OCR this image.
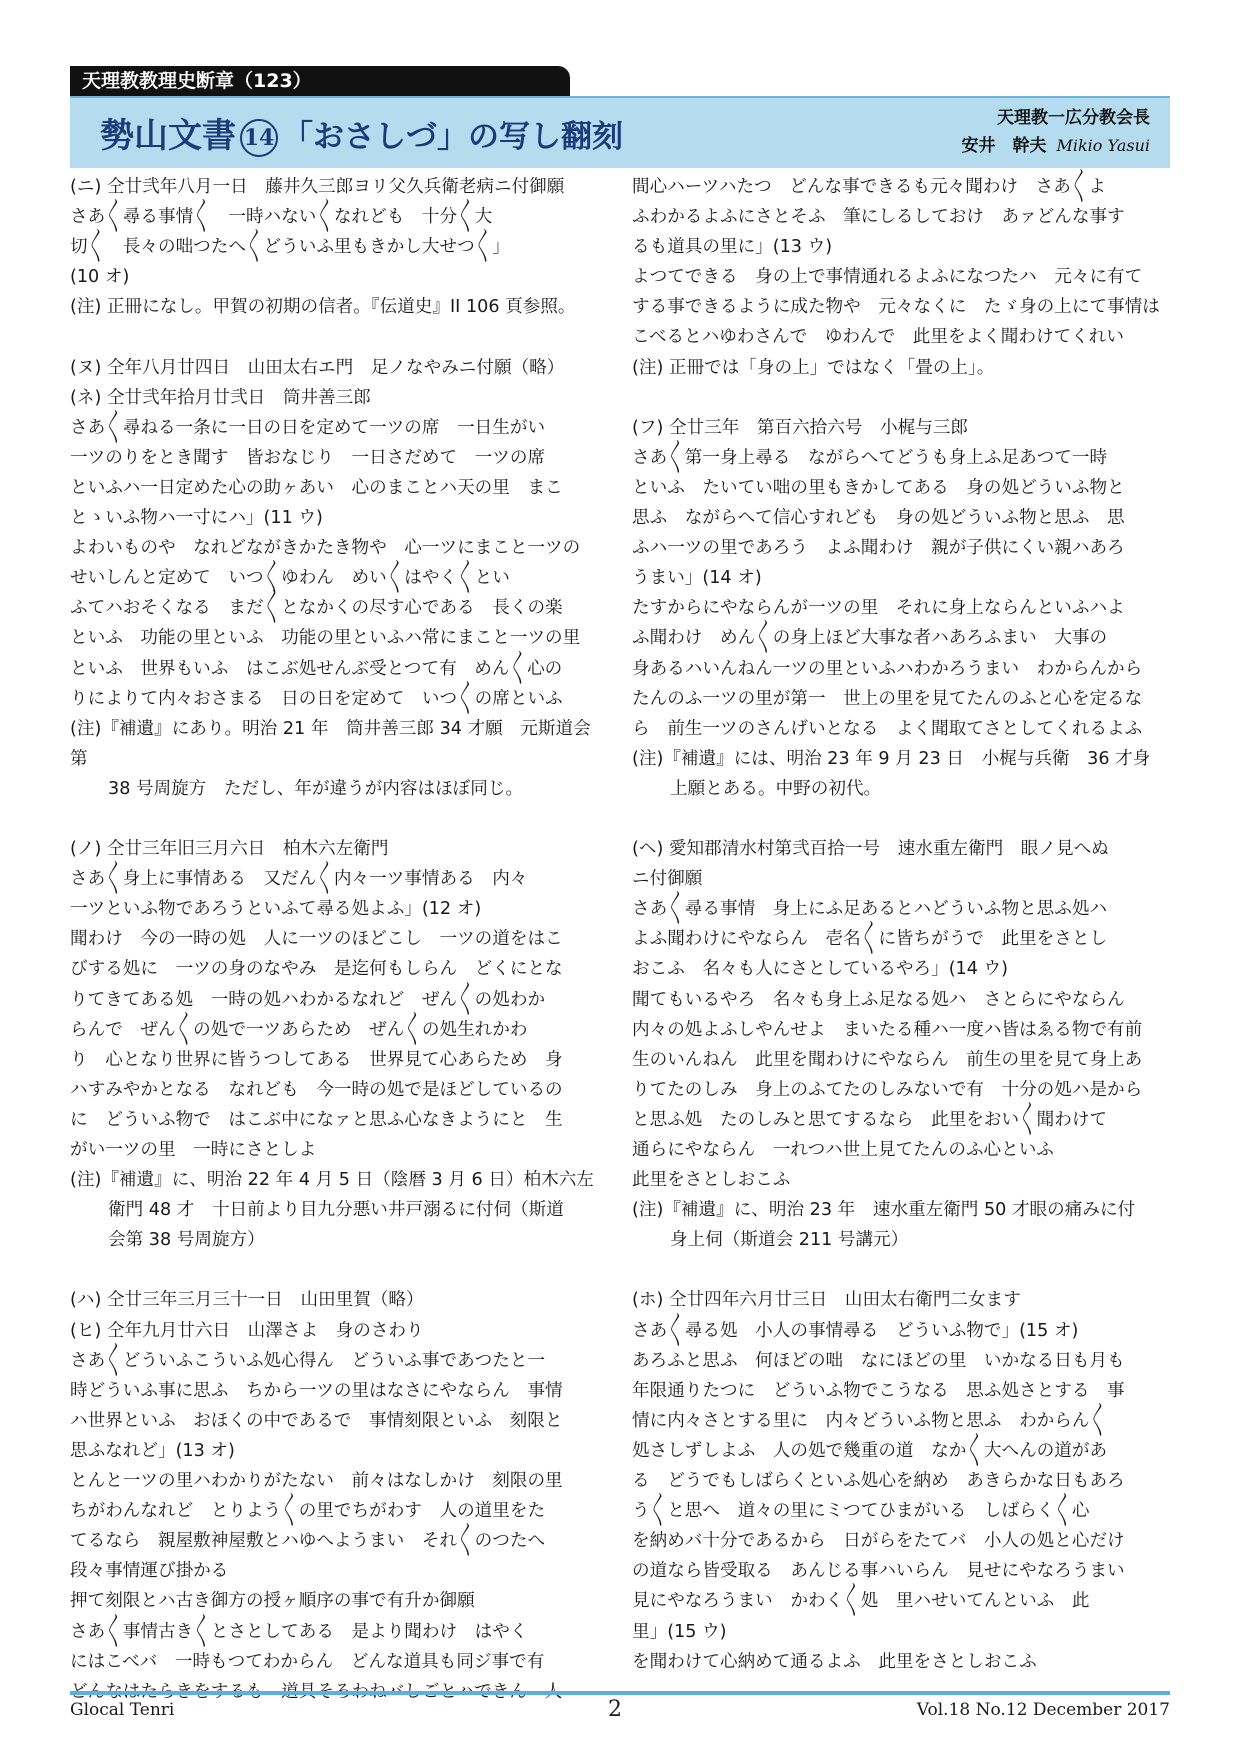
天理教教理史断章（123）
勢山文書 14 「おさしづ」の写し翻刻
天理教一広分教会長
安井　幹夫 Mikio Yasui

(ニ) 仝廿弐年八月一日　藤井久三郎ヨリ父久兵衛老病ニ付御願

さあ〳〵尋る事情〳〵　一時ハない〳〵なれども　十分〳〵大

切〳〵　長々の咄つたへ〳〵どういふ里もきかし大せつ〳〵」

(10 オ)

(注) 正冊になし。甲賀の初期の信者。『伝道史』II 106 頁参照。

(ヌ) 仝年八月廿四日　山田太右エ門　足ノなやみニ付願（略）

(ネ) 仝廿弐年拾月廿弐日　筒井善三郎

さあ〳〵尋ねる一条に一日の日を定めて一ツの席　一日生がい

一ツのりをとき聞す　皆おなじり　一日さだめて　一ツの席

といふハ一日定めた心の助ヶあい　心のまことハ天の里　まこ

とゝいふ物ハ一寸にハ」(11 ウ)

よわいものや　なれどながきかたき物や　心一ツにまこと一ツの

せいしんと定めて　いつ〳〵ゆわん　めい〳〵はやく〳〵とい

ふてハおそくなる　まだ〳〵となかくの尽す心である　長くの楽

といふ　功能の里といふ　功能の里といふハ常にまこと一ツの里

といふ　世界もいふ　はこぶ処せんぶ受とつて有　めん〳〵心の

りによりて内々おさまる　日の日を定めて　いつ〳〵の席といふ

(注)『補遺』にあり。明治 21 年　筒井善三郎 34 才願　元斯道会第

38 号周旋方　ただし、年が違うが内容はほぼ同じ。

(ノ) 仝廿三年旧三月六日　柏木六左衛門

さあ〳〵身上に事情ある　又だん〳〵内々一ツ事情ある　内々

一ツといふ物であろうといふて尋る処よふ」(12 オ)

聞わけ　今の一時の処　人に一ツのほどこし　一ツの道をはこ

びする処に　一ツの身のなやみ　是迄何もしらん　どくにとな

りてきてある処　一時の処ハわかるなれど　ぜん〳〵の処わか

らんで　ぜん〳〵の処で一ツあらため　ぜん〳〵の処生れかわ

り　心となり世界に皆うつしてある　世界見て心あらため　身

ハすみやかとなる　なれども　今一時の処で是ほどしているの

に　どういふ物で　はこぶ中になァと思ふ心なきようにと　生

がい一ツの里　一時にさとしよ

(注)『補遺』に、明治 22 年 4 月 5 日（陰暦 3 月 6 日）柏木六左

衛門 48 才　十日前より目九分悪い井戸溺るに付伺（斯道

会第 38 号周旋方）

(ハ) 仝廿三年三月三十一日　山田里賀（略）

(ヒ) 仝年九月廿六日　山澤さよ　身のさわり

さあ〳〵どういふこういふ処心得ん　どういふ事であつたと一

時どういふ事に思ふ　ちから一ツの里はなさにやならん　事情

ハ世界といふ　おほくの中であるで　事情刻限といふ　刻限と

思ふなれど」(13 オ)

とんと一ツの里ハわかりがたない　前々はなしかけ　刻限の里

ちがわんなれど　とりよう〳〵の里でちがわす　人の道里をた

てるなら　親屋敷神屋敷とハゆへようまい　それ〳〵のつたへ

段々事情運び掛かる

押て刻限とハ古き御方の授ヶ順序の事で有升か御願

さあ〳〵事情古き〳〵とさとしてある　是より聞わけ　はやく

にはこべバ　一時もつてわからん　どんな道具も同ジ事で有

間心ハーツハたつ　どんな事できるも元々聞わけ　さあ〳〵よ

ふわかるよふにさとそふ　筆にしるしておけ　あァどんな事す

るも道具の里に」(13 ウ)

よつてできる　身の上で事情通れるよふになつたハ　元々に有て

する事できるように成た物や　元々なくに　たゞ身の上にて事情は

こべるとハゆわさんで　ゆわんで　此里をよく聞わけてくれい

(注) 正冊では「身の上」ではなく「畳の上」。

(フ) 仝廿三年　第百六拾六号　小梶与三郎

さあ〳〵第一身上尋る　ながらへてどうも身上ふ足あつて一時

といふ　たいてい咄の里もきかしてある　身の処どういふ物と

思ふ　ながらへて信心すれども　身の処どういふ物と思ふ　思

ふハ一ツの里であろう　よふ聞わけ　親が子供にくい親ハあろ

うまい」(14 オ)

たすからにやならんが一ツの里　それに身上ならんといふハよ

ふ聞わけ　めん〳〵の身上ほど大事な者ハあろふまい　大事の

身あるハいんねん一ツの里といふハわかろうまい　わからんから

たんのふ一ツの里が第一　世上の里を見てたんのふと心を定るな

ら　前生一ツのさんげいとなる　よく聞取てさとしてくれるよふ

(注)『補遺』には、明治 23 年 9 月 23 日　小梶与兵衛　36 才身

上願とある。中野の初代。

(ヘ) 愛知郡清水村第弐百拾一号　速水重左衛門　眼ノ見へぬ

ニ付御願

さあ〳〵尋る事情　身上にふ足あるとハどういふ物と思ふ処ハ

よふ聞わけにやならん　壱名〳〵に皆ちがうで　此里をさとし

おこふ　名々も人にさとしているやろ」(14 ウ)

聞てもいるやろ　名々も身上ふ足なる処ハ　さとらにやならん

内々の処よふしやんせよ　まいたる種ハ一度ハ皆はゑる物で有前

生のいんねん　此里を聞わけにやならん　前生の里を見て身上あ

りてたのしみ　身上のふてたのしみないで有　十分の処ハ是から

と思ふ処　たのしみと思てするなら　此里をおい〳〵聞わけて

通らにやならん　一れつハ世上見てたんのふ心といふ

此里をさとしおこふ

(注)『補遺』に、明治 23 年　速水重左衛門 50 才眼の痛みに付

身上伺（斯道会 211 号講元）

(ホ) 仝廿四年六月廿三日　山田太右衛門二女ます

さあ〳〵尋る処　小人の事情尋る　どういふ物で」(15 オ)

あろふと思ふ　何ほどの咄　なにほどの里　いかなる日も月も

年限通りたつに　どういふ物でこうなる　思ふ処さとする　事

情に内々さとする里に　内々どういふ物と思ふ　わからん〳〵

処さしずしよふ　人の処で幾重の道　なか〳〵大へんの道があ

る　どうでもしばらくといふ処心を納め　あきらかな日もあろ

う〳〵と思へ　道々の里にミつてひまがいる　しばらく〳〵心

を納めバ十分であるから　日がらをたてバ　小人の処と心だけ

の道なら皆受取る　あんじる事ハいらん　見せにやなろうまい

見にやなろうまい　かわく〳〵処　里ハせいてんといふ　此

里」(15 ウ)

を聞わけて心納めて通るよふ　此里をさとしおこふ

Glocal Tenri	2	Vol.18 No.12 December 2017
